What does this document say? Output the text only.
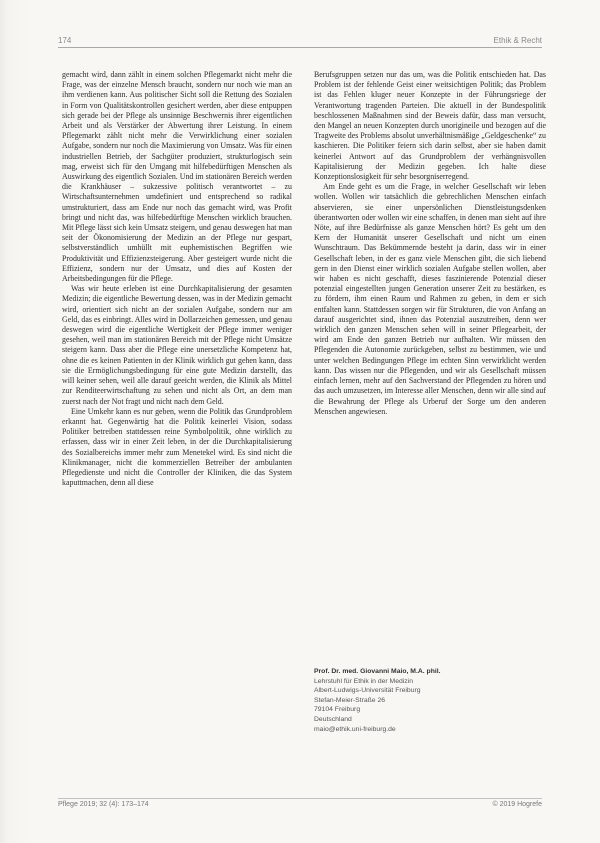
174	Ethik & Recht

gemacht wird, dann zählt in einem solchen Pflegemarkt nicht mehr die Frage, was der einzelne Mensch braucht, sondern nur noch wie man an ihm verdienen kann. Aus politischer Sicht soll die Rettung des Sozialen in Form von Qualitätskontrollen gesichert werden, aber diese entpuppen sich gerade bei der Pflege als unsinnige Beschwernis ihrer eigentlichen Arbeit und als Verstärker der Abwertung ihrer Leistung. In einem Pflegemarkt zählt nicht mehr die Verwirklichung einer sozialen Aufgabe, sondern nur noch die Maximierung von Umsatz. Was für einen industriellen Betrieb, der Sachgüter produziert, strukturlogisch sein mag, erweist sich für den Umgang mit hilfebedürftigen Menschen als Auswirkung des eigentlich Sozialen. Und im stationären Bereich werden die Krankhäuser – sukzessive politisch verantwortet – zu Wirtschaftsunternehmen umdefiniert und entsprechend so radikal umstrukturiert, dass am Ende nur noch das gemacht wird, was Profit bringt und nicht das, was hilfebedürftige Menschen wirklich brauchen. Mit Pflege lässt sich kein Umsatz steigern, und genau deswegen hat man seit der Ökonomisierung der Medizin an der Pflege nur gespart, selbstverständlich umhüllt mit euphemistischen Begriffen wie Produktivität und Effizienzsteigerung. Aber gesteigert wurde nicht die Effizienz, sondern nur der Umsatz, und dies auf Kosten der Arbeitsbedingungen für die Pflege.

Was wir heute erleben ist eine Durchkapitalisierung der gesamten Medizin; die eigentliche Bewertung dessen, was in der Medizin gemacht wird, orientiert sich nicht an der sozialen Aufgabe, sondern nur am Geld, das es einbringt. Alles wird in Dollarzeichen gemessen, und genau deswegen wird die eigentliche Wertigkeit der Pflege immer weniger gesehen, weil man im stationären Bereich mit der Pflege nicht Umsätze steigern kann. Dass aber die Pflege eine unersetzliche Kompetenz hat, ohne die es keinen Patienten in der Klinik wirklich gut gehen kann, dass sie die Ermöglichungsbedingung für eine gute Medizin darstellt, das will keiner sehen, weil alle darauf geeicht werden, die Klinik als Mittel zur Renditeerwirtschaftung zu sehen und nicht als Ort, an dem man zuerst nach der Not fragt und nicht nach dem Geld.

Eine Umkehr kann es nur geben, wenn die Politik das Grundproblem erkannt hat. Gegenwärtig hat die Politik keinerlei Vision, sodass Politiker betreiben stattdessen reine Symbolpolitik, ohne wirklich zu erfassen, dass wir in einer Zeit leben, in der die Durchkapitalisierung des Sozialbereichs immer mehr zum Menetekel wird. Es sind nicht die Klinikmanager, nicht die kommerziellen Betreiber der ambulanten Pflegedienste und nicht die Controller der Kliniken, die das System kaputtmachen, denn all diese

Berufsgruppen setzen nur das um, was die Politik entschieden hat. Das Problem ist der fehlende Geist einer weitsichtigen Politik; das Problem ist das Fehlen kluger neuer Konzepte in der Führungsriege der Verantwortung tragenden Parteien. Die aktuell in der Bundespolitik beschlossenen Maßnahmen sind der Beweis dafür, dass man versucht, den Mangel an neuen Konzepten durch unorigineile und bezogen auf die Tragweite des Problems absolut unverhältnismäßige „Geldgeschenke“ zu kaschieren. Die Politiker feiern sich darin selbst, aber sie haben damit keinerlei Antwort auf das Grundproblem der verhängnisvollen Kapitalisierung der Medizin gegeben. Ich halte diese Konzeptionslosigkeit für sehr besorgniserregend.

Am Ende geht es um die Frage, in welcher Gesellschaft wir leben wollen. Wollen wir tatsächlich die gebrechlichen Menschen einfach abservieren, sie einer unpersönlichen Dienstleistungsdenken überantworten oder wollen wir eine schaffen, in denen man sieht auf ihre Nöte, auf ihre Bedürfnisse als ganze Menschen hört? Es geht um den Kern der Humanität unserer Gesellschaft und nicht um einen Wunschtraum. Das Bekümmernde besteht ja darin, dass wir in einer Gesellschaft leben, in der es ganz viele Menschen gibt, die sich liebend gern in den Dienst einer wirklich sozialen Aufgabe stellen wollen, aber wir haben es nicht geschafft, dieses faszinierende Potenzial dieser potenzial eingestellten jungen Generation unserer Zeit zu bestärken, es zu fördern, ihm einen Raum und Rahmen zu geben, in dem er sich entfalten kann. Stattdessen sorgen wir für Strukturen, die von Anfang an darauf ausgerichtet sind, ihnen das Potenzial auszutreiben, denn wer wirklich den ganzen Menschen sehen will in seiner Pflegearbeit, der wird am Ende den ganzen Betrieb nur aufhalten. Wir müssen den Pflegenden die Autonomie zurückgeben, selbst zu bestimmen, wie und unter welchen Bedingungen Pflege im echten Sinn verwirklicht werden kann. Das wissen nur die Pflegenden, und wir als Gesellschaft müssen einfach lernen, mehr auf den Sachverstand der Pflegenden zu hören und das auch umzusetzen, im Interesse aller Menschen, denn wir alle sind auf die Bewahrung der Pflege als Urberuf der Sorge um den anderen Menschen angewiesen.

Prof. Dr. med. Giovanni Maio, M.A. phil.
Lehrstuhl für Ethik in der Medizin
Albert-Ludwigs-Universität Freiburg
Stefan-Meier-Straße 26
79104 Freiburg
Deutschland
maio@ethik.uni-freiburg.de
Pflege 2019; 32 (4): 173–174	© 2019 Hogrefe
